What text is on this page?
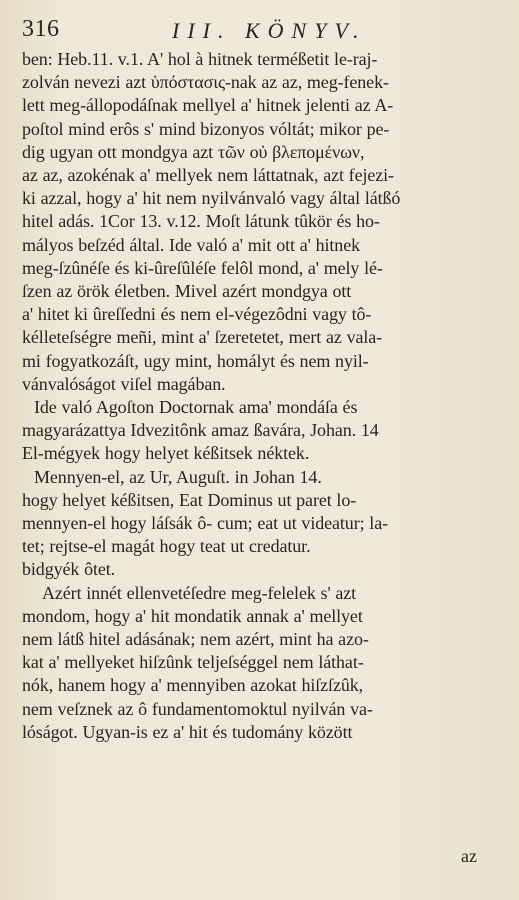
316	III. KÖNYV.
ben: Heb.11. v.1. A' hol à hitnek terméßetit le-raj-
zolván nevezi azt ὑπόστασις-nak az az, meg-fenek-
lett meg-állopodáſnak mellyel a' hitnek jelenti az A-
poſtol mind erôs s' mind bizonyos vóltát; mikor pe-
dig ugyan ott mondgya azt τῶν οὐ βλεπομένων,
az az, azokénak a' mellyek nem láttatnak, azt fejezi-
ki azzal, hogy a' hit nem nyilvánvaló vagy által látßó
hitel adás. 1Cor 13. v.12. Moſt látunk tûkör és ho-
mályos beſzéd által. Ide való a' mit ott a' hitnek
meg-ſzûnéſe és ki-ûreſûléſe felôl mond, a' mely lé-
ſzen az örök életben. Mivel azért mondgya ott
a' hitet ki ûreſſedni és nem el-végezôdni vagy tô-
kélleteſségre meñi, mint a' ſzeretetet, mert az vala-
mi fogyatkozáſt, ugy mint, homályt és nem nyil-
vánvalóságot viſel magában.
Ide való Agoſton Doctornak ama' mondáſa és
magyarázattya Idvezitônk amaz ßavára, Johan. 14
El-mégyek hogy helyet kéßitsek néktek.
Mennyen-el, az Ur, Auguſt. in Johan 14.
hogy helyet kéßitsen, Eat Dominus ut paret lo-
mennyen-el hogy láſsák ô- cum; eat ut videatur; la-
tet; rejtse-el magát hogy teat ut credatur.
bidgyék ôtet.
Azért innét ellenvetéſedre meg-felelek s' azt
mondom, hogy a' hit mondatik annak a' mellyet
nem látß hitel adásának; nem azért, mint ha azo-
kat a' mellyeket hiſzûnk teljeſséggel nem láthat-
nók, hanem hogy a' mennyiben azokat hiſzſzûk,
nem veſznek az ô fundamentomoktul nyilván va-
lóságot. Ugyan-is ez a' hit és tudomány között
az
